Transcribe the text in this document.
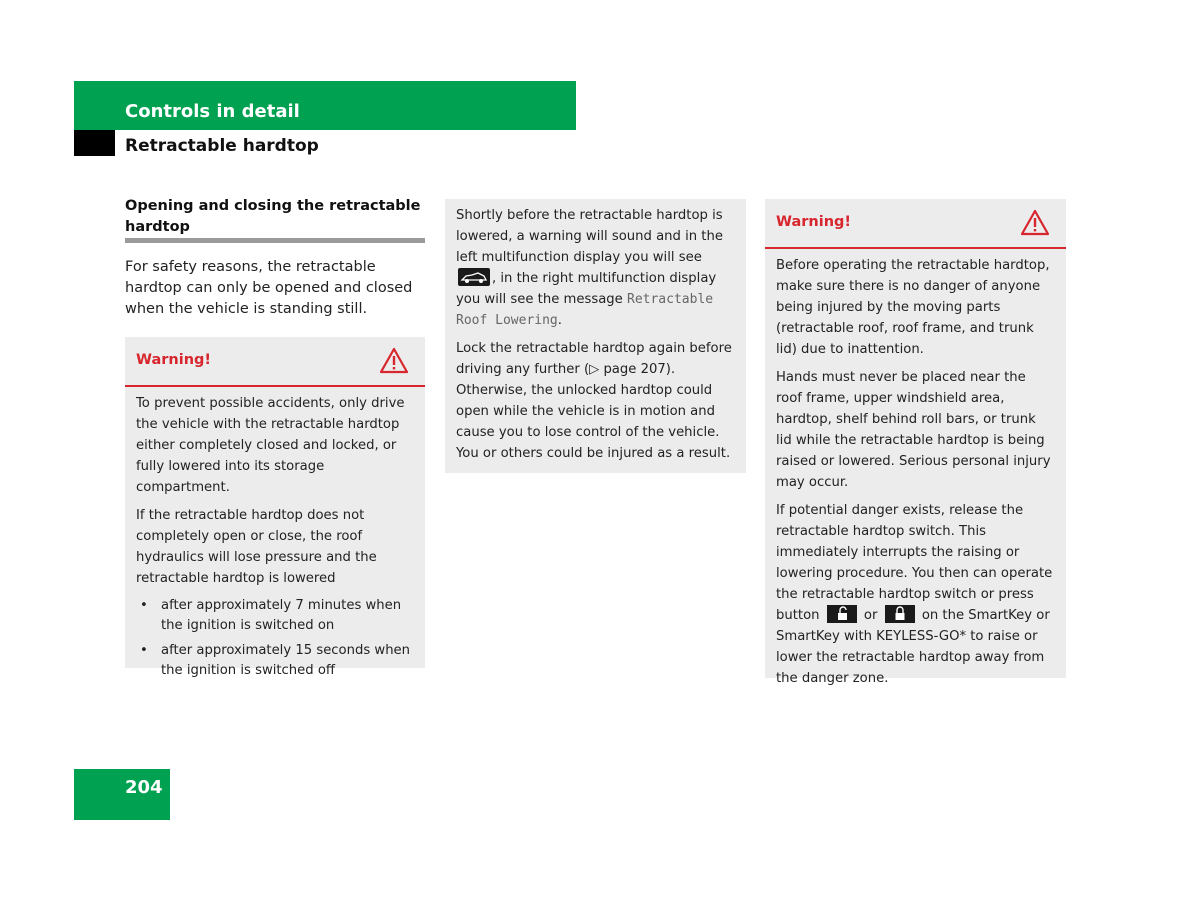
Controls in detail
Retractable hardtop
Opening and closing the retractable hardtop
For safety reasons, the retractable hardtop can only be opened and closed when the vehicle is standing still.
Warning!

To prevent possible accidents, only drive the vehicle with the retractable hardtop either completely closed and locked, or fully lowered into its storage compartment.

If the retractable hardtop does not completely open or close, the roof hydraulics will lose pressure and the retractable hardtop is lowered

• after approximately 7 minutes when the ignition is switched on
• after approximately 15 seconds when the ignition is switched off

Shortly before the retractable hardtop is lowered, a warning will sound and in the left multifunction display you will see , in the right multifunction display you will see the message Retractable Roof Lowering.

Lock the retractable hardtop again before driving any further (▷ page 207). Otherwise, the unlocked hardtop could open while the vehicle is in motion and cause you to lose control of the vehicle. You or others could be injured as a result.

Warning!

Before operating the retractable hardtop, make sure there is no danger of anyone being injured by the moving parts (retractable roof, roof frame, and trunk lid) due to inattention.

Hands must never be placed near the roof frame, upper windshield area, hardtop, shelf behind roll bars, or trunk lid while the retractable hardtop is being raised or lowered. Serious personal injury may occur.

If potential danger exists, release the retractable hardtop switch. This immediately interrupts the raising or lowering procedure. You then can operate the retractable hardtop switch or press button	or	on the SmartKey or SmartKey with KEYLESS-GO* to raise or lower the retractable hardtop away from the danger zone.

204
